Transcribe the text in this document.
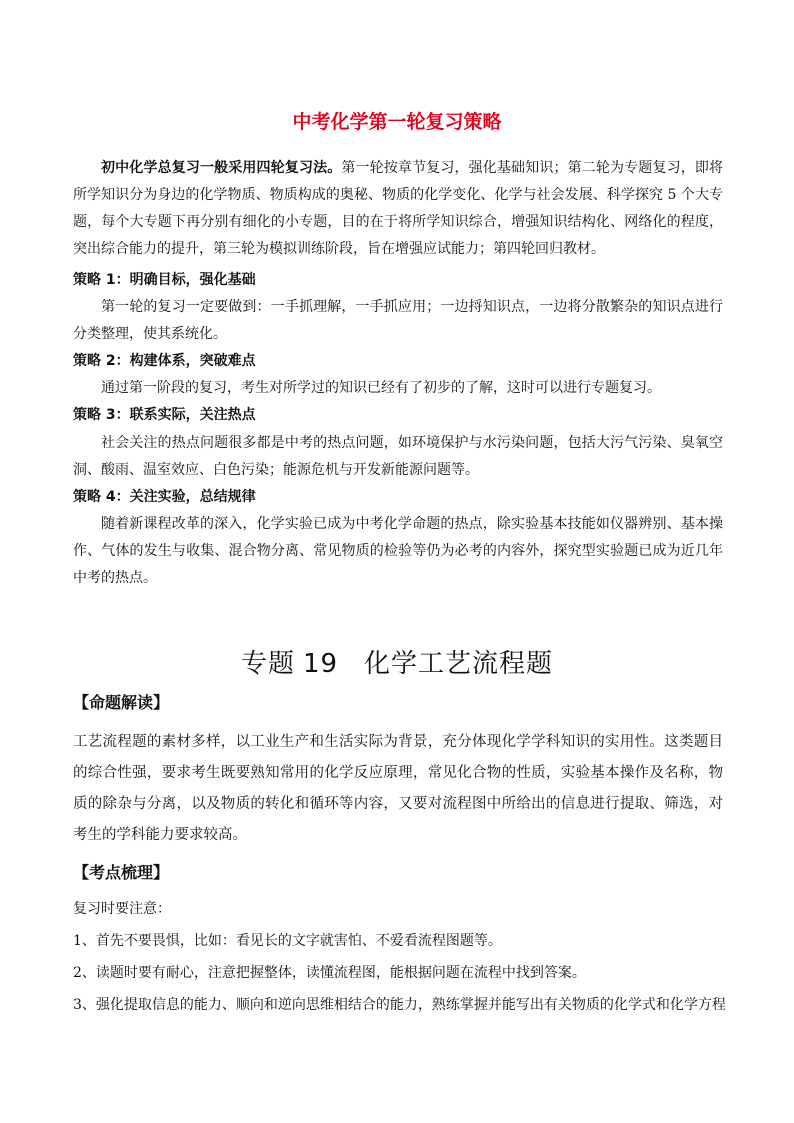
中考化学第一轮复习策略

初中化学总复习一般采用四轮复习法。第一轮按章节复习，强化基础知识；第二轮为专题复习，即将所学知识分为身边的化学物质、物质构成的奥秘、物质的化学变化、化学与社会发展、科学探究 5 个大专题，每个大专题下再分别有细化的小专题，目的在于将所学知识综合，增强知识结构化、网络化的程度，突出综合能力的提升，第三轮为模拟训练阶段，旨在增强应试能力；第四轮回归教材。

策略 1：明确目标，强化基础

第一轮的复习一定要做到：一手抓理解，一手抓应用；一边捋知识点，一边将分散繁杂的知识点进行分类整理，使其系统化。

策略 2：构建体系，突破难点

通过第一阶段的复习，考生对所学过的知识已经有了初步的了解，这时可以进行专题复习。

策略 3：联系实际，关注热点

社会关注的热点问题很多都是中考的热点问题，如环境保护与水污染问题，包括大污气污染、臭氧空洞、酸雨、温室效应、白色污染；能源危机与开发新能源问题等。

策略 4：关注实验，总结规律

随着新课程改革的深入，化学实验已成为中考化学命题的热点，除实验基本技能如仪器辨别、基本操作、气体的发生与收集、混合物分离、常见物质的检验等仍为必考的内容外，探究型实验题已成为近几年中考的热点。

专题 19 化学工艺流程题
【命题解读】

工艺流程题的素材多样，以工业生产和生活实际为背景，充分体现化学学科知识的实用性。这类题目的综合性强，要求考生既要熟知常用的化学反应原理，常见化合物的性质，实验基本操作及名称，物质的除杂与分离，以及物质的转化和循环等内容，又要对流程图中所给出的信息进行提取、筛选，对考生的学科能力要求较高。

【考点梳理】
复习时要注意：
1、首先不要畏惧，比如：看见长的文字就害怕、不爱看流程图题等。
2、读题时要有耐心，注意把握整体，读懂流程图，能根据问题在流程中找到答案。
3、强化提取信息的能力、顺向和逆向思维相结合的能力，熟练掌握并能写出有关物质的化学式和化学方程
